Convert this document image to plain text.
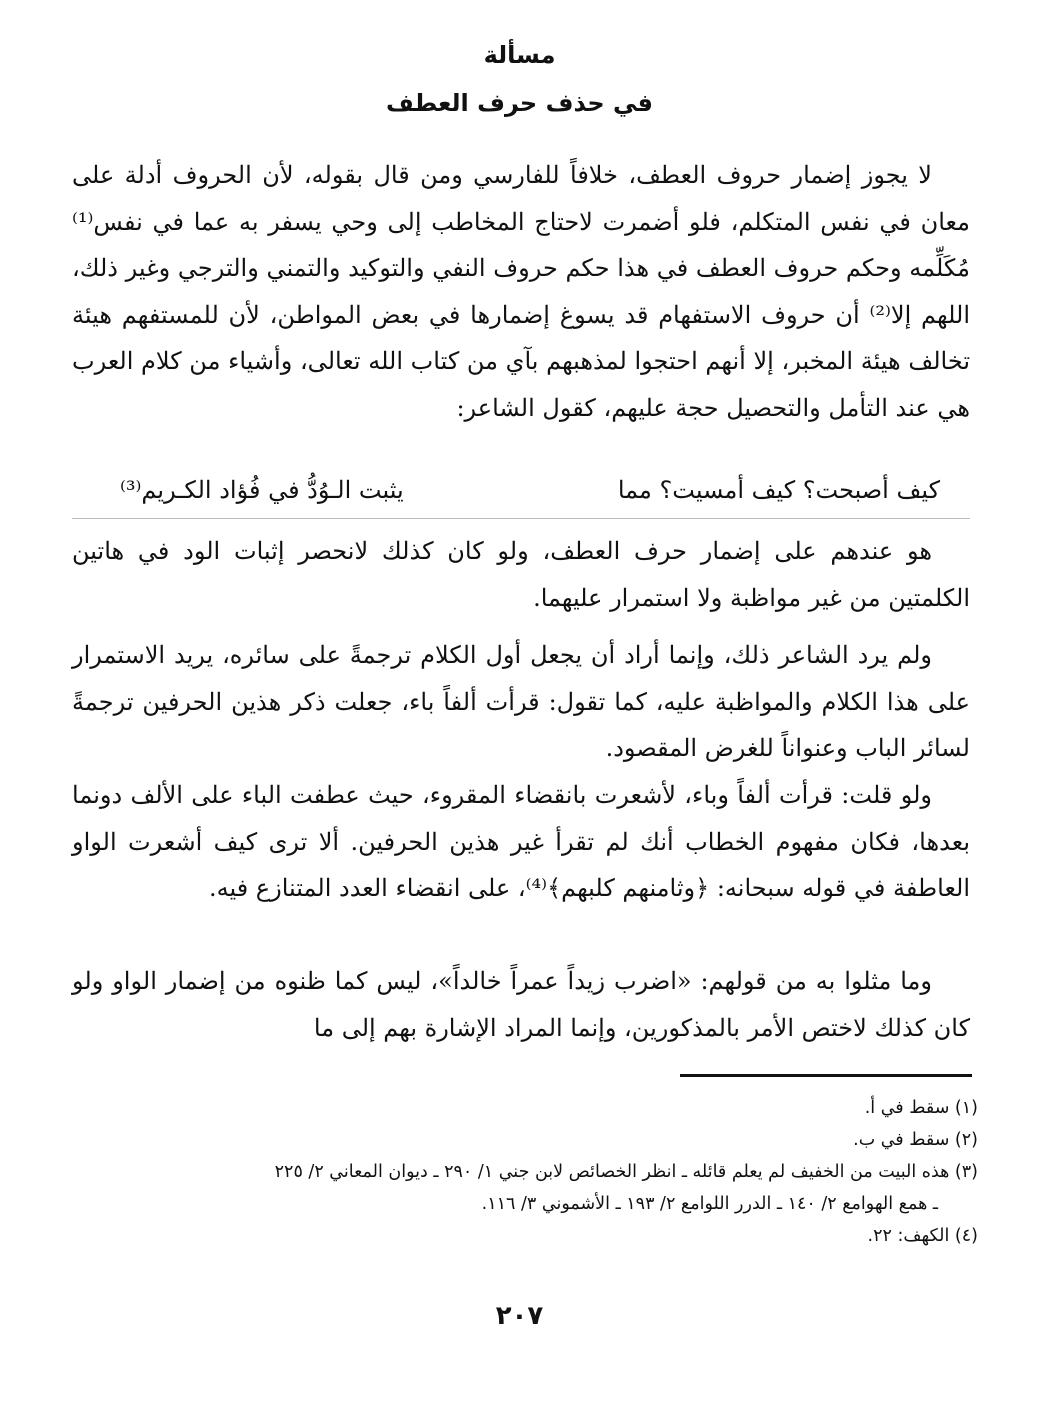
مسألة
في حذف حرف العطف

لا يجوز إضمار حروف العطف، خلافاً للفارسي ومن قال بقوله، لأن الحروف أدلة على معان في نفس المتكلم، فلو أضمرت لاحتاج المخاطب إلى وحي يسفر به عما في نفس⁽¹⁾ مُكَلِّمه وحكم حروف العطف في هذا حكم حروف النفي والتوكيد والتمني والترجي وغير ذلك، اللهم إلا⁽²⁾ أن حروف الاستفهام قد يسوغ إضمارها في بعض المواطن، لأن للمستفهم هيئة تخالف هيئة المخبر، إلا أنهم احتجوا لمذهبهم بآي من كتاب الله تعالى، وأشياء من كلام العرب هي عند التأمل والتحصيل حجة عليهم، كقول الشاعر:

كيف أصبحت؟ كيف أمسيت؟ مما
يثبت الـوُدُّ في فُؤاد الكـريم⁽³⁾

هو عندهم على إضمار حرف العطف، ولو كان كذلك لانحصر إثبات الود في هاتين الكلمتين من غير مواظبة ولا استمرار عليهما.

ولم يرد الشاعر ذلك، وإنما أراد أن يجعل أول الكلام ترجمةً على سائره، يريد الاستمرار على هذا الكلام والمواظبة عليه، كما تقول: قرأت ألفاً باء، جعلت ذكر هذين الحرفين ترجمةً لسائر الباب وعنواناً للغرض المقصود.

ولو قلت: قرأت ألفاً وباء، لأشعرت بانقضاء المقروء، حيث عطفت الباء على الألف دونما بعدها، فكان مفهوم الخطاب أنك لم تقرأ غير هذين الحرفين. ألا ترى كيف أشعرت الواو العاطفة في قوله سبحانه: ﴿وثامنهم كلبهم﴾⁽⁴⁾، على انقضاء العدد المتنازع فيه.

وما مثلوا به من قولهم: «اضرب زيداً عمراً خالداً»، ليس كما ظنوه من إضمار الواو ولو كان كذلك لاختص الأمر بالمذكورين، وإنما المراد الإشارة بهم إلى ما

(١) سقط في أ.

(٢) سقط في ب.

(٣) هذه البيت من الخفيف لم يعلم قائله ـ انظر الخصائص لابن جني ١/ ٢٩٠ ـ ديوان المعاني ٢/ ٢٢٥

ـ همع الهوامع ٢/ ١٤٠ ـ الدرر اللوامع ٢/ ١٩٣ ـ الأشموني ٣/ ١١٦.

(٤) الكهف: ٢٢.

٢٠٧
